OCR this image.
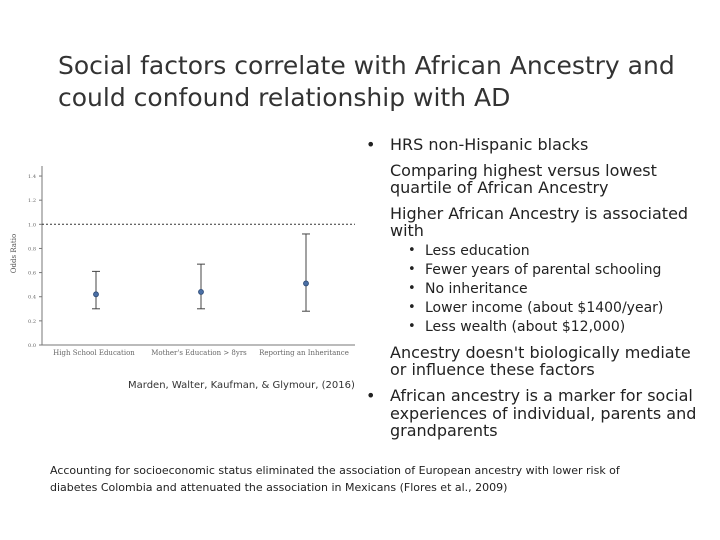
Social factors correlate with African Ancestry and
could confound relationship with AD
0.0
0.2
0.4
0.6
0.8
1.0
1.2
1.4
Odds Ratio
High School Education Mother's Education > 8yrs Reporting an Inheritance
Marden, Walter, Kaufman, & Glymour, (2016)
• HRS non-Hispanic blacks
Comparing highest versus lowest
quartile of African Ancestry
Higher African Ancestry is associated
with
• Less education
• Fewer years of parental schooling
• No inheritance
• Lower income (about $1400/year)
• Less wealth (about $12,000)
Ancestry doesn't biologically mediate
or influence these factors
• African ancestry is a marker for social
experiences of individual, parents and
grandparents
Accounting for socioeconomic status eliminated the association of European ancestry with lower risk of
diabetes Colombia and attenuated the association in Mexicans (Flores et al., 2009)
